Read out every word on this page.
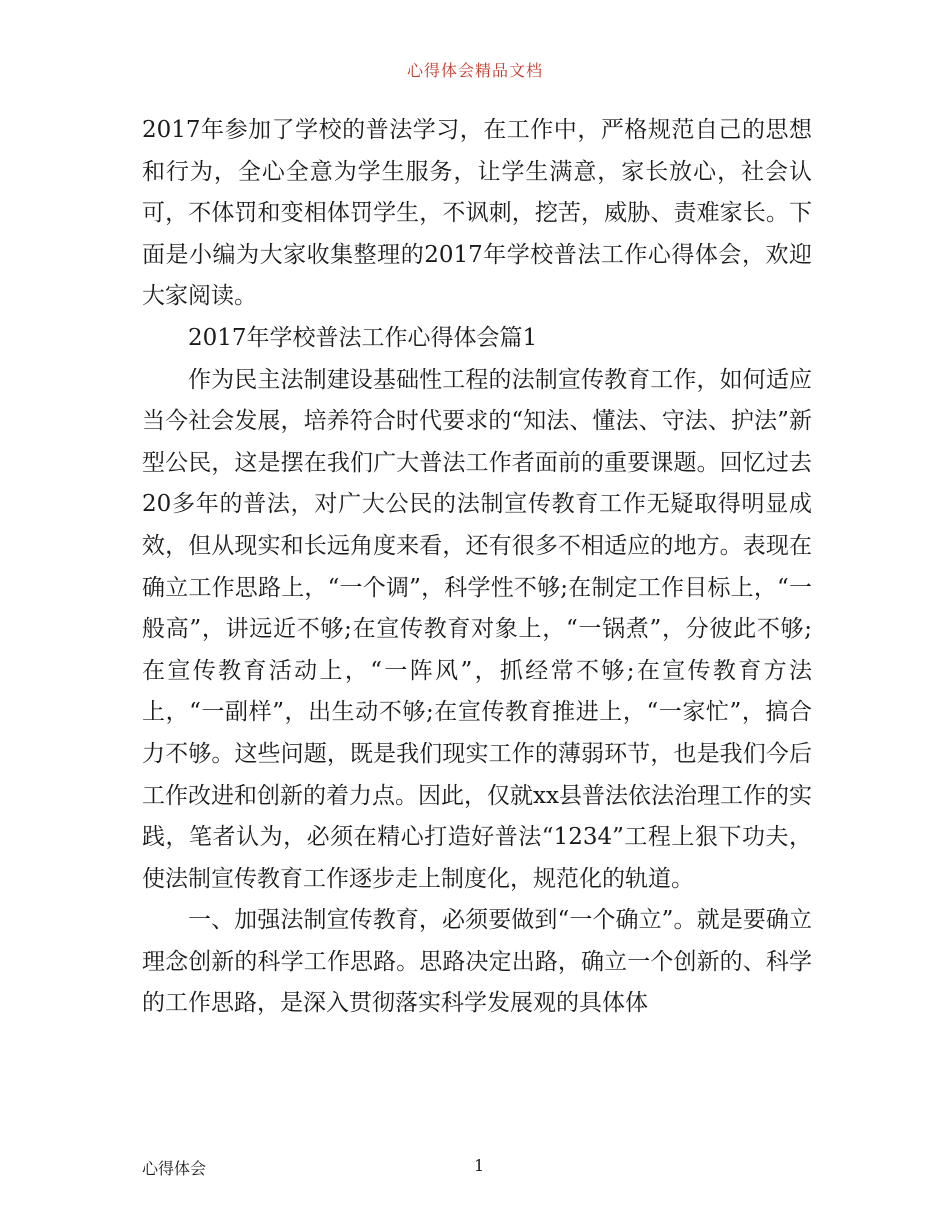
心得体会精品文档

2017年参加了学校的普法学习，在工作中，严格规范自己的思想和行为，全心全意为学生服务，让学生满意，家长放心，社会认可，不体罚和变相体罚学生，不讽刺，挖苦，威胁、责难家长。下面是小编为大家收集整理的2017年学校普法工作心得体会，欢迎大家阅读。

2017年学校普法工作心得体会篇1

作为民主法制建设基础性工程的法制宣传教育工作，如何适应当今社会发展，培养符合时代要求的“知法、懂法、守法、护法”新型公民，这是摆在我们广大普法工作者面前的重要课题。回忆过去20多年的普法，对广大公民的法制宣传教育工作无疑取得明显成效，但从现实和长远角度来看，还有很多不相适应的地方。表现在确立工作思路上，“一个调”，科学性不够;在制定工作目标上，“一般高”，讲远近不够;在宣传教育对象上，“一锅煮”，分彼此不够;在宣传教育活动上，“一阵风”，抓经常不够;在宣传教育方法上，“一副样”，出生动不够;在宣传教育推进上，“一家忙”，搞合力不够。这些问题，既是我们现实工作的薄弱环节，也是我们今后工作改进和创新的着力点。因此，仅就xx县普法依法治理工作的实践，笔者认为，必须在精心打造好普法“1234”工程上狠下功夫，使法制宣传教育工作逐步走上制度化，规范化的轨道。

一、加强法制宣传教育，必须要做到“一个确立”。就是要确立理念创新的科学工作思路。思路决定出路，确立一个创新的、科学的工作思路，是深入贯彻落实科学发展观的具体体

心得体会	1
